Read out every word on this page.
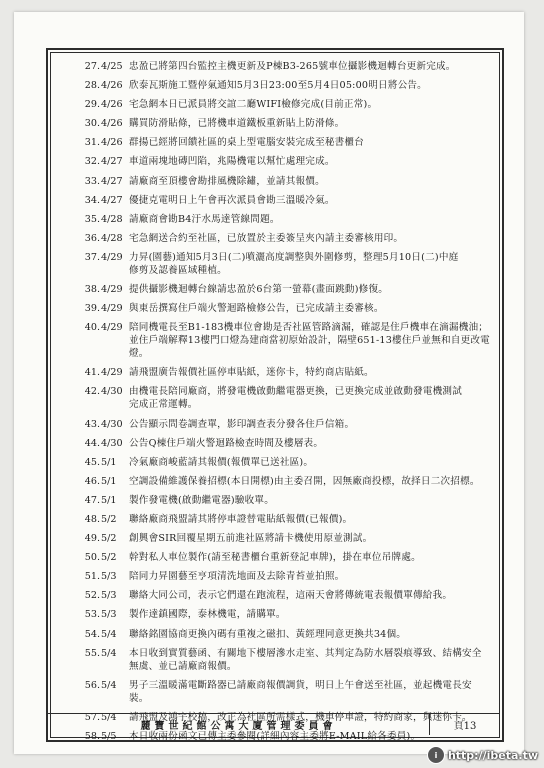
27 . 4/25 忠盈已將第四台監控主機更新及P棟B3-265號車位攝影機迴轉台更新完成。
28 . 4/26 欣泰瓦斯施工暨停氣通知5月3日23:00至5月4日05:00明日將公告。
29 . 4/26 宅急網本日已派員將交誼二廳WIFI檢修完成(目前正常)。
30 . 4/26 購買防滑貼條，已將機車道鐵板重新貼上防滑條。
31 . 4/26 群揚已經將回饋社區的桌上型電腦安裝完成至秘書櫃台
32 . 4/27 車道兩塊地磚凹陷，兆陽機電以幫忙處理完成。
33 . 4/27 請廠商至頂樓會勘排風機除鏽，並請其報價。
34 . 4/27 優捷克電明日上午會再次派員會勘三溫暖冷氣。
35 . 4/28 請廠商會勘B4汙水馬達管線問題。
36 . 4/28 宅急網送合約至社區，已放置於主委簽呈夾內請主委審核用印。
37 . 4/29 力昇(園藝)通知5月3日(二)噴灑高度調整與外圍修剪，整理5月10日(二)中庭
修剪及認養區域種植。
38 . 4/29 提供攝影機迴轉台線請忠盈於6台第一螢幕(畫面跳動)修復。
39 . 4/29 與東岳撰寫住戶端火警迴路檢修公告，已完成請主委審核。
40 . 4/29 陪同機電長至B1-183機車位會勘是否社區管路滴漏，確認是住戶機車在滴漏機油；
並住戶端解釋13樓門口燈為建商當初原始設計，隔壁651-13樓住戶並無和自更改電燈。
41 . 4/29 請飛盟廣告報價社區停車貼紙，迷你卡，特約商店貼紙。
42 . 4/30 由機電長陪同廠商，將發電機啟動繼電器更換，已更換完成並啟動發電機測試
完成正常運轉。
43 . 4/30 公告顯示問卷調查單，影印調查表分發各住戶信箱。
44 . 4/30 公告Q棟住戶端火警迴路檢查時間及樓層表。
45 . 5/1	冷氣廠商峻藍請其報價(報價單已送社區)。
46 . 5/1	空調設備維護保養招標(本日開標)由主委召開，因無廠商投標，故择日二次招標。
47 . 5/1	製作發電機(啟動繼電器)驗收單。
48 . 5/2	聯絡廠商飛盟請其將停車證替電貼紙報價(已報價)。
49 . 5/2	創興會SIR回覆星期五前進社區將請卡機使用原並測試。
50 . 5/2	幹對私人車位製作(請至秘書櫃台重新登記車牌)，掛在車位吊牌處。
51 . 5/3	陪同力昇園藝至亨項清洗地面及去除青苔並拍照。
52 . 5/3	聯絡大同公司，表示它們還在跑流程，這兩天會將傳統電表報價單傳給我。
53 . 5/3	製作達鎮國際，泰林機電，請購單。
54 . 5/4	聯絡銘園協商更換內碼有重複之磁扣、黃經理同意更換共34個。
55 . 5/4	本日收到實質藝函、有關地下樓層滲水走室、其判定為防水層裂痕導致、結構安全
無虞、並已請廠商報價。
56 . 5/4	男子三溫暖滿電斷路器已請廠商報價調貨，明日上午會送至社區，並起機電長安裝。
57 . 5/4	請飛盟及鴻宇校稿，改正為社區所需樣式，機車停車證，特約商家，與迷你卡。
58 . 5/5	本日收兩份函文已傳主委參閱(詳細內容主委將E-MAIL給各委員)。
麗寶世紀館公寓大廈管理委員會	頁13
i http://ibeta.tw
